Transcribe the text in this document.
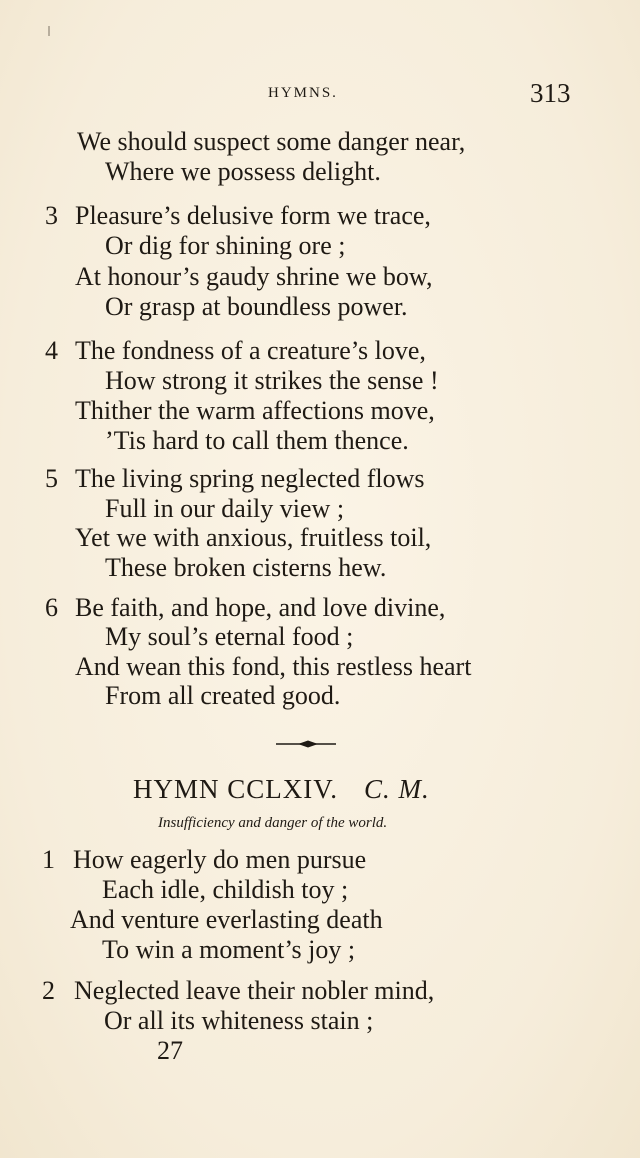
HYMNS.	313
We should suspect some danger near,
Where we possess delight.
3 Pleasure’s delusive form we trace,
Or dig for shining ore ;
At honour’s gaudy shrine we bow,
Or grasp at boundless power.
4 The fondness of a creature’s love,
How strong it strikes the sense !
Thither the warm affections move,
’Tis hard to call them thence.
5 The living spring neglected flows
Full in our daily view ;
Yet we with anxious, fruitless toil,
These broken cisterns hew.
6 Be faith, and hope, and love divine,
My soul’s eternal food ;
And wean this fond, this restless heart
From all created good.
HYMN CCLXIV. C. M.
Insufficiency and danger of the world.
1 How eagerly do men pursue
Each idle, childish toy ;
And venture everlasting death
To win a moment’s joy ;
2 Neglected leave their nobler mind,
Or all its whiteness stain ;
27
